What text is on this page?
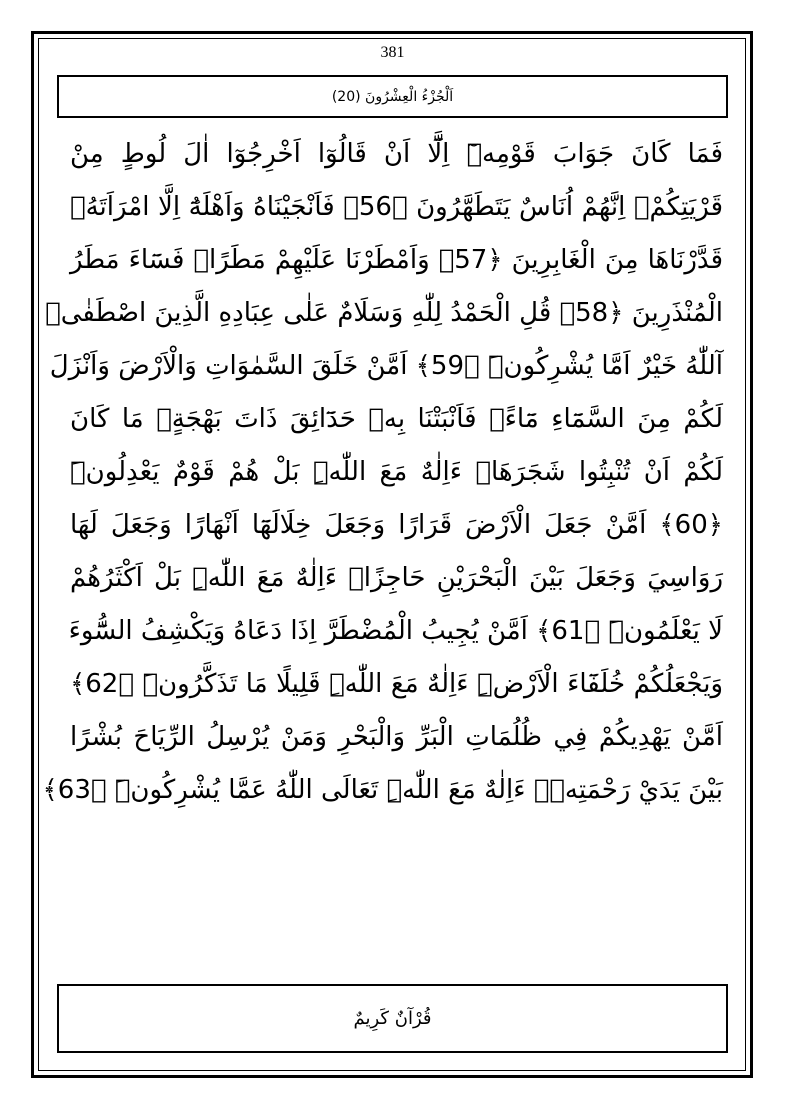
381
اَلْجُزْءُ الْعِشْرُونَ (20)
فَمَا كَانَ جَوَابَ قَوْمِهٖٓ اِلَّٓا اَنْ قَالُوٓا اَخْرِجُوٓا اٰلَ لُوطٍ مِنْ
قَرْيَتِكُمْۚ اِنَّهُمْ اُنَاسٌ يَتَطَهَّرُونَ ﴿56﴾ فَاَنْجَيْنَاهُ وَاَهْلَهُٓ اِلَّا امْرَاَتَهُۘ
قَدَّرْنَاهَا مِنَ الْغَابِرِينَ ﴿57﴾ وَاَمْطَرْنَا عَلَيْهِمْ مَطَرًاۚ فَسَٓاءَ مَطَرُ
الْمُنْذَرِينَ ﴿58﴾ قُلِ الْحَمْدُ لِلّٰهِ وَسَلَامٌ عَلٰى عِبَادِهِ الَّذِينَ اصْطَفٰىۜ
آللّٰهُ خَيْرٌ اَمَّا يُشْرِكُونَۜ ﴿59﴾ اَمَّنْ خَلَقَ السَّمٰوَاتِ وَالْاَرْضَ وَاَنْزَلَ
لَكُمْ مِنَ السَّمَٓاءِ مَٓاءًۚ فَاَنْبَتْنَا بِهٖ حَدَٓائِقَ ذَاتَ بَهْجَةٍۚ مَا كَانَ
لَكُمْ اَنْ تُنْبِتُوا شَجَرَهَاۜ ءَاِلٰهٌ مَعَ اللّٰهِۜ بَلْ هُمْ قَوْمٌ يَعْدِلُونَۜ
﴿60﴾ اَمَّنْ جَعَلَ الْاَرْضَ قَرَارًا وَجَعَلَ خِلَالَهَٓا اَنْهَارًا وَجَعَلَ لَهَا
رَوَاسِيَ وَجَعَلَ بَيْنَ الْبَحْرَيْنِ حَاجِزًاۜ ءَاِلٰهٌ مَعَ اللّٰهِۜ بَلْ اَكْثَرُهُمْ
لَا يَعْلَمُونَۜ ﴿61﴾ اَمَّنْ يُجِيبُ الْمُضْطَرَّ اِذَا دَعَاهُ وَيَكْشِفُ السُّٓوءَ
وَيَجْعَلُكُمْ خُلَفَٓاءَ الْاَرْضِۜ ءَاِلٰهٌ مَعَ اللّٰهِۜ قَلِيلًا مَا تَذَكَّرُونَۜ ﴿62﴾
اَمَّنْ يَهْدِيكُمْ فِي ظُلُمَاتِ الْبَرِّ وَالْبَحْرِ وَمَنْ يُرْسِلُ الرِّيَاحَ بُشْرًا
بَيْنَ يَدَيْ رَحْمَتِهٖۜ ءَاِلٰهٌ مَعَ اللّٰهِۜ تَعَالَى اللّٰهُ عَمَّا يُشْرِكُونَۜ ﴿63﴾
قُرْآنٌ كَرِيمٌ
